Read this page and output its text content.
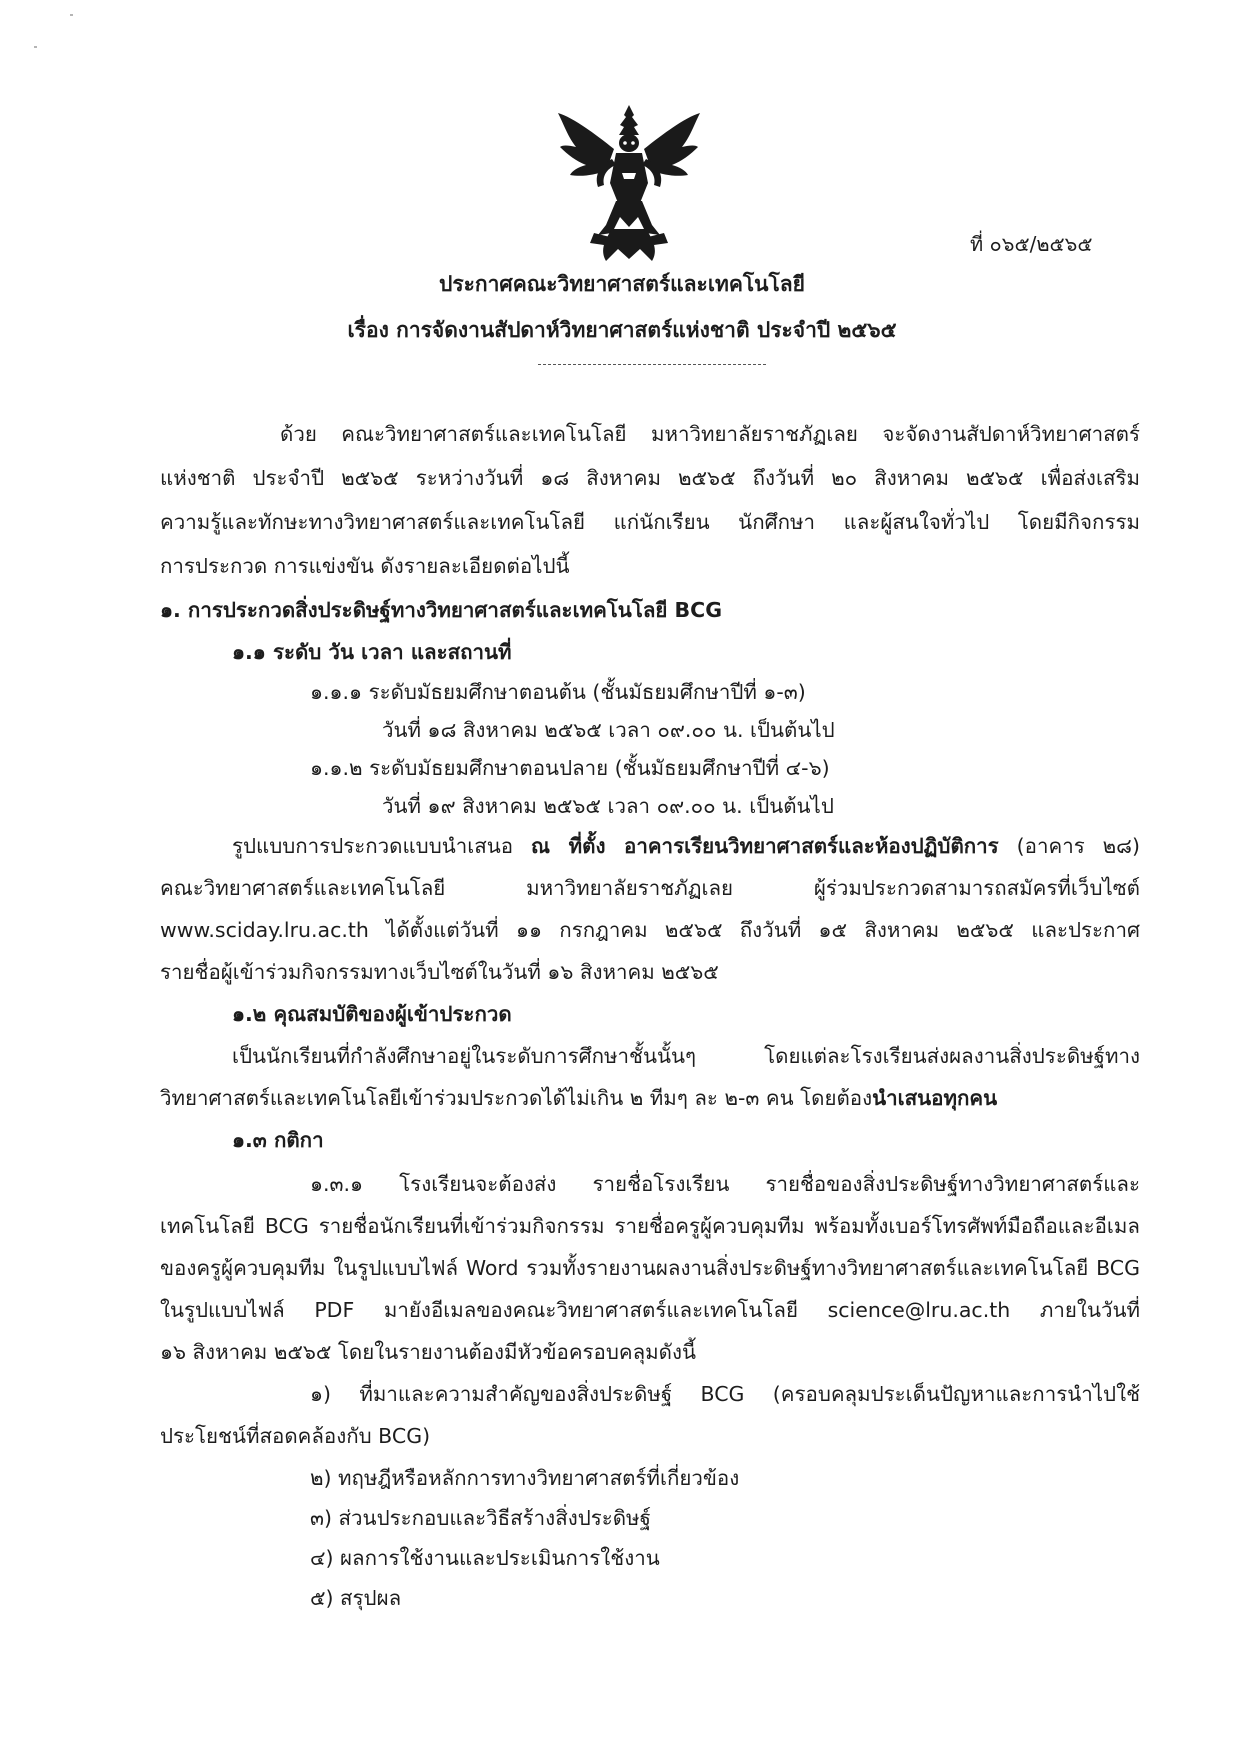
ที่ ๐๖๕/๒๕๖๕
ประกาศคณะวิทยาศาสตร์และเทคโนโลยี
เรื่อง การจัดงานสัปดาห์วิทยาศาสตร์แห่งชาติ ประจำปี ๒๕๖๕
ด้วย คณะวิทยาศาสตร์และเทคโนโลยี มหาวิทยาลัยราชภัฏเลย จะจัดงานสัปดาห์วิทยาศาสตร์
แห่งชาติ ประจำปี ๒๕๖๕ ระหว่างวันที่ ๑๘ สิงหาคม ๒๕๖๕ ถึงวันที่ ๒๐ สิงหาคม ๒๕๖๕ เพื่อส่งเสริม
ความรู้และทักษะทางวิทยาศาสตร์และเทคโนโลยี แก่นักเรียน นักศึกษา และผู้สนใจทั่วไป โดยมีกิจกรรม
การประกวด การแข่งขัน ดังรายละเอียดต่อไปนี้
๑. การประกวดสิ่งประดิษฐ์ทางวิทยาศาสตร์และเทคโนโลยี BCG
๑.๑ ระดับ วัน เวลา และสถานที่
๑.๑.๑ ระดับมัธยมศึกษาตอนต้น (ชั้นมัธยมศึกษาปีที่ ๑-๓)
วันที่ ๑๘ สิงหาคม ๒๕๖๕ เวลา ๐๙.๐๐ น. เป็นต้นไป
๑.๑.๒ ระดับมัธยมศึกษาตอนปลาย (ชั้นมัธยมศึกษาปีที่ ๔-๖)
วันที่ ๑๙ สิงหาคม ๒๕๖๕ เวลา ๐๙.๐๐ น. เป็นต้นไป
รูปแบบการประกวดแบบนำเสนอ ณ ที่ตั้ง อาคารเรียนวิทยาศาสตร์และห้องปฏิบัติการ (อาคาร ๒๘)
คณะวิทยาศาสตร์และเทคโนโลยี มหาวิทยาลัยราชภัฏเลย ผู้ร่วมประกวดสามารถสมัครที่เว็บไซต์
www.sciday.lru.ac.th ได้ตั้งแต่วันที่ ๑๑ กรกฎาคม ๒๕๖๕ ถึงวันที่ ๑๕ สิงหาคม ๒๕๖๕ และประกาศ
รายชื่อผู้เข้าร่วมกิจกรรมทางเว็บไซต์ในวันที่ ๑๖ สิงหาคม ๒๕๖๕
๑.๒ คุณสมบัติของผู้เข้าประกวด
เป็นนักเรียนที่กำลังศึกษาอยู่ในระดับการศึกษาชั้นนั้นๆ โดยแต่ละโรงเรียนส่งผลงานสิ่งประดิษฐ์ทาง
วิทยาศาสตร์และเทคโนโลยีเข้าร่วมประกวดได้ไม่เกิน ๒ ทีมๆ ละ ๒-๓ คน โดยต้องนำเสนอทุกคน
๑.๓ กติกา
๑.๓.๑ โรงเรียนจะต้องส่ง รายชื่อโรงเรียน รายชื่อของสิ่งประดิษฐ์ทางวิทยาศาสตร์และ
เทคโนโลยี BCG รายชื่อนักเรียนที่เข้าร่วมกิจกรรม รายชื่อครูผู้ควบคุมทีม พร้อมทั้งเบอร์โทรศัพท์มือถือและอีเมล
ของครูผู้ควบคุมทีม ในรูปแบบไฟล์ Word รวมทั้งรายงานผลงานสิ่งประดิษฐ์ทางวิทยาศาสตร์และเทคโนโลยี BCG
ในรูปแบบไฟล์ PDF มายังอีเมลของคณะวิทยาศาสตร์และเทคโนโลยี science@lru.ac.th ภายในวันที่
๑๖ สิงหาคม ๒๕๖๕ โดยในรายงานต้องมีหัวข้อครอบคลุมดังนี้
๑) ที่มาและความสำคัญของสิ่งประดิษฐ์ BCG (ครอบคลุมประเด็นปัญหาและการนำไปใช้
ประโยชน์ที่สอดคล้องกับ BCG)
๒) ทฤษฎีหรือหลักการทางวิทยาศาสตร์ที่เกี่ยวข้อง
๓) ส่วนประกอบและวิธีสร้างสิ่งประดิษฐ์
๔) ผลการใช้งานและประเมินการใช้งาน
๕) สรุปผล
